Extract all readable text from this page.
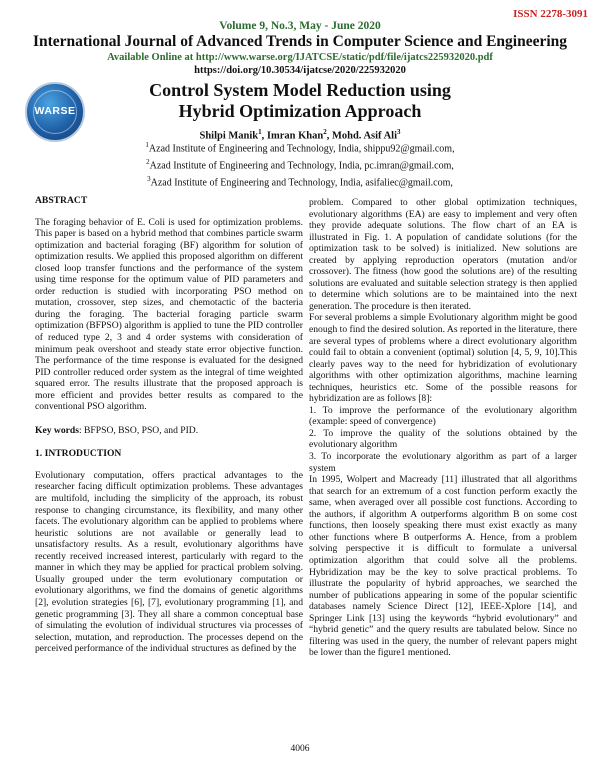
ISSN 2278-3091
Volume 9, No.3, May - June 2020
International Journal of Advanced Trends in Computer Science and Engineering
Available Online at http://www.warse.org/IJATCSE/static/pdf/file/ijatcs225932020.pdf
https://doi.org/10.30534/ijatcse/2020/225932020
WARSE
Control System Model Reduction using
Hybrid Optimization Approach
Shilpi Manik$^1$, Imran Khan$^2$, Mohd. Asif Ali$^3$
$^1$Azad Institute of Engineering and Technology, India, shippu92@gmail.com,
$^2$Azad Institute of Engineering and Technology, India, pc.imran@gmail.com,
$^3$Azad Institute of Engineering and Technology, India, asifaliec@gmail.com,
ABSTRACT

The foraging behavior of E. Coli is used for optimization problems. This paper is based on a hybrid method that combines particle swarm optimization and bacterial foraging (BF) algorithm for solution of optimization results. We applied this proposed algorithm on different closed loop transfer functions and the performance of the system using time response for the optimum value of PID parameters and order reduction is studied with incorporating PSO method on mutation, crossover, step sizes, and chemotactic of the bacteria during the foraging. The bacterial foraging particle swarm optimization (BFPSO) algorithm is applied to tune the PID controller of reduced type 2, 3 and 4 order systems with consideration of minimum peak overshoot and steady state error objective function. The performance of the time response is evaluated for the designed PID controller reduced order system as the integral of time weighted squared error. The results illustrate that the proposed approach is more efficient and provides better results as compared to the conventional PSO algorithm.

Key words: BFPSO, BSO, PSO, and PID.

1. INTRODUCTION

Evolutionary computation, offers practical advantages to the researcher facing difficult optimization problems. These advantages are multifold, including the simplicity of the approach, its robust response to changing circumstance, its flexibility, and many other facets. The evolutionary algorithm can be applied to problems where heuristic solutions are not available or generally lead to unsatisfactory results. As a result, evolutionary algorithms have recently received increased interest, particularly with regard to the manner in which they may be applied for practical problem solving. Usually grouped under the term evolutionary computation or evolutionary algorithms, we find the domains of genetic algorithms [2], evolution strategies [6], [7], evolutionary programming [1], and genetic programming [3]. They all share a common conceptual base of simulating the evolution of individual structures via processes of selection, mutation, and reproduction. The processes depend on the perceived performance of the individual structures as defined by the

problem. Compared to other global optimization techniques, evolutionary algorithms (EA) are easy to implement and very often they provide adequate solutions. The flow chart of an EA is illustrated in Fig. 1. A population of candidate solutions (for the optimization task to be solved) is initialized. New solutions are created by applying reproduction operators (mutation and/or crossover). The fitness (how good the solutions are) of the resulting solutions are evaluated and suitable selection strategy is then applied to determine which solutions are to be maintained into the next generation. The procedure is then iterated.

For several problems a simple Evolutionary algorithm might be good enough to find the desired solution. As reported in the literature, there are several types of problems where a direct evolutionary algorithm could fail to obtain a convenient (optimal) solution [4, 5, 9, 10].This clearly paves way to the need for hybridization of evolutionary algorithms with other optimization algorithms, machine learning techniques, heuristics etc. Some of the possible reasons for hybridization are as follows [8]:

1. To improve the performance of the evolutionary algorithm (example: speed of convergence)

2. To improve the quality of the solutions obtained by the evolutionary algorithm

3. To incorporate the evolutionary algorithm as part of a larger system

In 1995, Wolpert and Macready [11] illustrated that all algorithms that search for an extremum of a cost function perform exactly the same, when averaged over all possible cost functions. According to the authors, if algorithm A outperforms algorithm B on some cost functions, then loosely speaking there must exist exactly as many other functions where B outperforms A. Hence, from a problem solving perspective it is difficult to formulate a universal optimization algorithm that could solve all the problems. Hybridization may be the key to solve practical problems. To illustrate the popularity of hybrid approaches, we searched the number of publications appearing in some of the popular scientific databases namely Science Direct [12], IEEE-Xplore [14], and Springer Link [13] using the keywords “hybrid evolutionary” and “hybrid genetic” and the query results are tabulated below. Since no filtering was used in the query, the number of relevant papers might be lower than the figure1 mentioned.

4006
